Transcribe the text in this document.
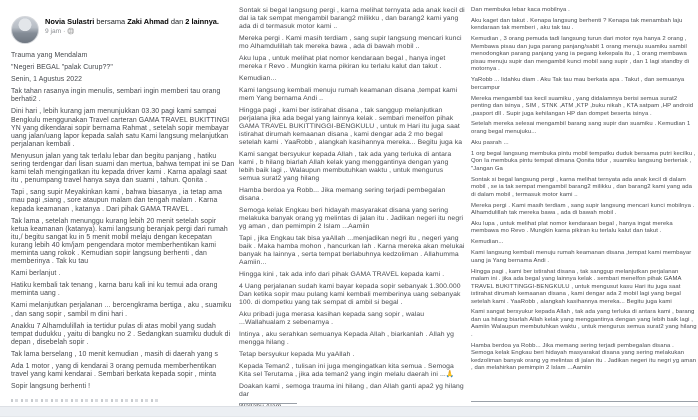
Novia Sulastri bersama Zaki Ahmad dan 2 lainnya.
9 jam · 🌐

Trauma yang Mendalam

"Negeri BEGAL "palak Curup??"

Senin, 1 Agustus 2022

Tak tahan rasanya ingin menulis, sembari ingin memberi tau orang berhati2 .

Dini hari , lebih kurang jam menunjukkan 03.30 pagi kami sampai Bengkulu menggunakan Travel carteran GAMA TRAVEL BUKITTINGI YN yang dikendarai sopir bernama Rahmat , setelah sopir membayar uang jalan/uang lapor kepada salah satu Kami langsung melanjutkan perjalanan kembali .

Menyusun jalan yang tak terlalu lebar dan begitu panjang , hatiku sering terdengar dari lisan suami dan mertua, bahwa tempat ini se Dan kami telah mengingatkan itu kepada driver kami . Karna apalagi saat itu , penumpang travel hanya saya dan suami , tahun. Qonita .

Tapi , sang supir Meyakinkan kami , bahwa biasanya , ia tetap ama mau pagi ,siang , sore ataupun malam dan tengah malam . Karna kepada keamanan , katanya . Dari pihak GAMA TRAVEL .

Tak lama , setelah menunggu kurang lebih 20 menit setelah sopir ketua keamanan (katanya). kami langsung beranjak pergi dari rumah itu,/ begitu sangat ku in 5 menit mobil melaju dengan kecepatan kurang lebih 40 km/jam pengendara motor memberhentikan kami meminta uang rokok . Kemudian sopir langsung berhenti , dan memberinya . Tak ku tau

Kami berlanjut .

Hatiku kembali tak tenang , karna baru kali ini ku temui ada orang meminta uang .

Kami melanjutkan perjalanan ... bercengkrama bertiga , aku , suamiku , dan sang sopir , sambil m dini hari .

Anakku 7 Alhamdulillah ia tertidur pulas di atas mobil yang sudah tempat dudukku , yaitu di bangku no 2 . Sedangkan suamiku duduk di depan , disebelah sopir .

Tak lama berselang , 10 menit kemudian , masih di daerah yang s

Ada 1 motor , yang di kendarai 3 orang pemuda memberhentikan travel yang kami kendarai . Sembari berkata kepada sopir , minta

Sopir langsung berhenti !

Sontak si begal langsung pergi , karna melihat ternyata ada anak kecil di dal ia tak sempat mengambil barang2 milikku , dan barang2 kami yang ada di d termasuk motor kami ..

Mereka pergi . Kami masih terdiam , sang supir langsung mencari kunci mo Alhamdulillah tak mereka bawa , ada di bawah mobil ..

Aku lupa , untuk melihat plat nomor kendaraan begal , hanya inget mereka r Revo . Mungkin karna pikiran ku terlalu kalut dan takut .

Kemudian...

Kami langsung kembali menuju rumah keamanan disana ,tempat kami mem Yang bernama Andi ..

Hingga pagi , kami ber istirahat disana , tak sanggup melanjutkan perjalana jika ada begal yang lainnya kelak . sembari menelfon pihak GAMA TRAVEL BUKITTINGGI-BENGKULU , untuk m Hari itu juga saat istirahat dirumah kemaanan disana , kami dengar ada 2 mo begal setelah kami . YaaRobb , alangkah kasihannya mereka... Begitu juga ka

Kami sangat bersyukur kepada Allah , tak ada yang terluka di antara kami , b hilang biarlah Allah kelak yang menggantinya dengan yang lebih baik lagi ,. Walaupun membutuhkan waktu , untuk mengurus semua surat2 yang hilang

Hamba berdoa ya Robb... Jika memang sering terjadi pembegalan disana .

Semoga kelak Engkau beri hidayah masyarakat disana yang sering melakuka banyak orang yg melintas di jalan itu . Jadikan negeri itu negri yg aman , dan pemimpin 2 Islam ...Aamiin

Tapi , jika Engkau tak bisa yaAllah ...menjadikan negri itu , negeri yang baik . Maka hamba mohon , hancurkan lah . Karna mereka akan melukai banyak ha lainnya , serta tempat berlabuhnya kedzoliman . Allahumma Aamiin...

Hingga kini , tak ada info dari pihak GAMA TRAVEL kepada kami .

4 Uang perjalanan sudah kami bayar kepada sopir sebanyak 1.300.000 Dan ketika sopir mau pulang kami kembali memberinya uang sebanyak 100. di dompetku yang tak sempat di ambil si begal .

Aku pribadi juga merasa kasihan kepada sang sopir , walau ...Wallahualam z sebenarnya .

Intinya , aku serahkan semuanya Kepada Allah , biarkanlah . Allah yg mengga hilang .

Tetap bersyukur kepada Mu yaAllah .

Kepada Teman2 , tulisan ini juga mengingatkan kita semua . Semoga Kita sel Terutama , jika ada teman2 yang ingin melalu daerah ini ...🙏

Doakan kami , semoga trauma ini hilang , dan Allah ganti apa2 yg hilang dar

Dan membuka lebar kaca mobilnya .

Aku kaget dan takut . Kenapa langsung berhenti ? Kenapa tak menambah laju kendaraan tak memberi , aku tak tau .

Kemudian , 3 orang pemuda tadi langsung turun dari motor nya hanya 2 orang , Membawa pisau dan juga parang panjang/sabit 1 orang menuju suamiku sambil menodongkan parang panjang yang ia pegang kekepala itu , 1 orang membawa pisau menuju supir dan mengambil kunci mobil sang supir , dan 1 lagi standby di motornya .

YaRobb ... lidahku diam . Aku Tak tau mau berkata apa . Takut , dan semuanya bercampur

Mereka mengambil tas kecil suamiku , yang didalamnya berisi semua surat2 penting dan isinya , SIM , STNK ,ATM ,KTP ,buku nikah , KTA satpam ,HP android ,pasport dll . Supir juga kehilangan HP dan dompet beserta isinya .

Setelah mereka selesai mengambil barang sang supir dan suamiku . Kemudian 1 orang begal menujuku...

Aku pasrah ...

1 org begal langsung membuka pintu mobil tempatku duduk bersama putri kecilku , Qon Ia membuka pintu tempat dimana Qonita tidur , suamiku langsung berteriak , "Jangan Ga

Sontak si begal langsung pergi , karna melihat ternyata ada anak kecil di dalam mobil , se ia tak sempat mengambil barang2 milikku , dan barang2 kami yang ada di dalam mobil , termasuk motor kami ..

Mereka pergi . Kami masih terdiam , sang supir langsung mencari kunci mobilnya . Alhamdulillah tak mereka bawa , ada di bawah mobil .

Aku lupa , untuk melihat plat nomor kendaraan begal , hanya ingat mereka membawa mo Revo . Mungkin karna pikiran ku terlalu kalut dan takut .

Kemudian...

Kami langsung kembali menuju rumah keamanan disana ,tempat kami membayar uang ja Yang bernama Andi .

Hingga pagi , kami ber istirahat disana , tak sanggup melanjutkan perjalanan malam ini . jika ada begal yang lainnya kelak . sembari menelfon pihak GAMA TRAVEL BUKITTINGGI-BENGKULU , untuk mengusut kasu Hari itu juga saat istirahat dirumah kemaanan disana , kami dengar ada 2 mobil lagi yang begal setelah kami . YaaRobb , alangkah kasihannya mereka... Begitu juga kami

Kami sangat bersyukur kepada Allah , tak ada yang terluka di antara kami , barang dan ua hilang biarlah Allah kelak yang menggantinya dengan yang lebih baik lagi , Aamiin Walaupun membutuhkan waktu , untuk mengurus semua surat2 yang hilang .

Hamba berdoa ya Robb... Jika memang sering terjadi pembegalan disana . Semoga kelak Engkau beri hidayah masyarakat disana yang sering melakukan kedzoliman banyak orang yg melintas di jalan itu . Jadikan negeri itu negri yg aman , dan melahirkan pemimpin 2 Islam ...Aamiin
